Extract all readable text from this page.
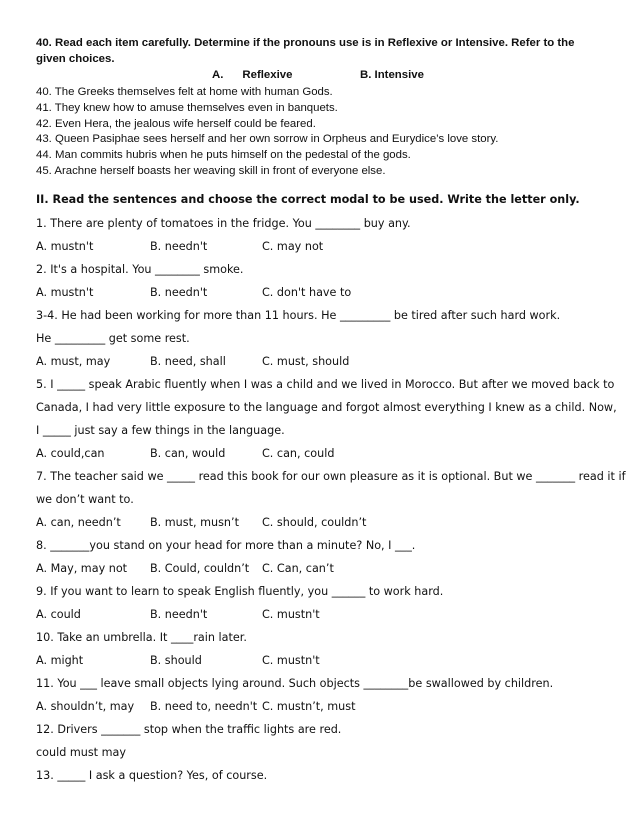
40. Read each item carefully. Determine if the pronouns use is in Reflexive or Intensive. Refer to the given choices.

A.      Reflexive	B. Intensive

40. The Greeks themselves felt at home with human Gods.

41. They knew how to amuse themselves even in banquets.

42. Even Hera, the jealous wife herself could be feared.

43. Queen Pasiphae sees herself and her own sorrow in Orpheus and Eurydice’s love story.

44. Man commits hubris when he puts himself on the pedestal of the gods.

45. Arachne herself boasts her weaving skill in front of everyone else.

II. Read the sentences and choose the correct modal to be used. Write the letter only.

1. There are plenty of tomatoes in the fridge. You ________ buy any.

A. mustn't	B. needn't	C. may not

2. It's a hospital. You ________ smoke.

A. mustn't	B. needn't	C. don't have to

3-4. He had been working for more than 11 hours. He _________ be tired after such hard work.

He _________ get some rest.

A. must, may	B. need, shall	C. must, should

5. I _____ speak Arabic fluently when I was a child and we lived in Morocco. But after we moved back to

Canada, I had very little exposure to the language and forgot almost everything I knew as a child. Now,

I _____ just say a few things in the language.

A. could,can	B. can, would	C. can, could

7. The teacher said we _____ read this book for our own pleasure as it is optional. But we _______ read it if

we don’t want to.

A. can, needn’t	B. must, musn’t C. should, couldn’t

8. _______you stand on your head for more than a minute? No, I ___.

A. May, may not B. Could, couldn’t C. Can, can’t

9. If you want to learn to speak English fluently, you ______ to work hard.

A. could	B. needn't	C. mustn't

10. Take an umbrella. It ____rain later.

A. might	B. should	C. mustn't

11. You ___ leave small objects lying around. Such objects ________be swallowed by children.

A. shouldn’t, may B. need to, needn't C. mustn’t, must

12. Drivers _______ stop when the traffic lights are red.

could must may

13. _____ I ask a question? Yes, of course.
